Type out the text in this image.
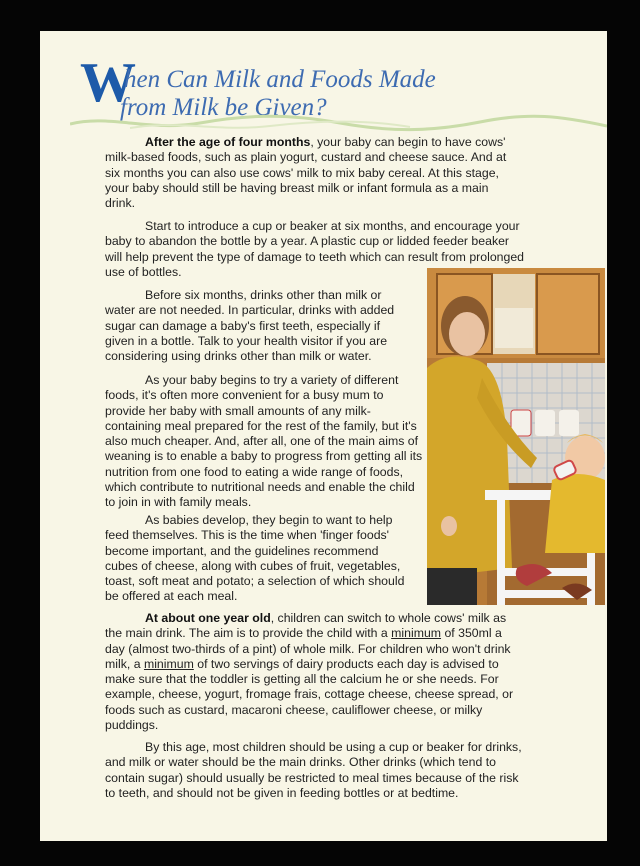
W
hen Can Milk and Foods Made
from Milk be Given?

After the age of four months, your baby can begin to have cows' milk-based foods, such as plain yogurt, custard and cheese sauce. And at six months you can also use cows' milk to mix baby cereal. At this stage, your baby should still be having breast milk or infant formula as a main drink.

Start to introduce a cup or beaker at six months, and encourage your baby to abandon the bottle by a year. A plastic cup or lidded feeder beaker will help prevent the type of damage to teeth which can result from prolonged use of bottles.

Before six months, drinks other than milk or water are not needed. In particular, drinks with added sugar can damage a baby's first teeth, especially if given in a bottle. Talk to your health visitor if you are considering using drinks other than milk or water.

As your baby begins to try a variety of different foods, it's often more convenient for a busy mum to provide her baby with small amounts of any milk-containing meal prepared for the rest of the family, but it's also much cheaper. And, after all, one of the main aims of weaning is to enable a baby to progress from getting all its nutrition from one food to eating a wide range of foods, which contribute to nutritional needs and enable the child to join in with family meals.

As babies develop, they begin to want to help feed themselves. This is the time when 'finger foods' become important, and the guidelines recommend cubes of cheese, along with cubes of fruit, vegetables, toast, soft meat and potato; a selection of which should be offered at each meal.

At about one year old, children can switch to whole cows' milk as the main drink. The aim is to provide the child with a minimum of 350ml a day (almost two-thirds of a pint) of whole milk. For children who won't drink milk, a minimum of two servings of dairy products each day is advised to make sure that the toddler is getting all the calcium he or she needs. For example, cheese, yogurt, fromage frais, cottage cheese, cheese spread, or foods such as custard, macaroni cheese, cauliflower cheese, or milky puddings.

By this age, most children should be using a cup or beaker for drinks, and milk or water should be the main drinks. Other drinks (which tend to contain sugar) should usually be restricted to meal times because of the risk to teeth, and should not be given in feeding bottles or at bedtime.
